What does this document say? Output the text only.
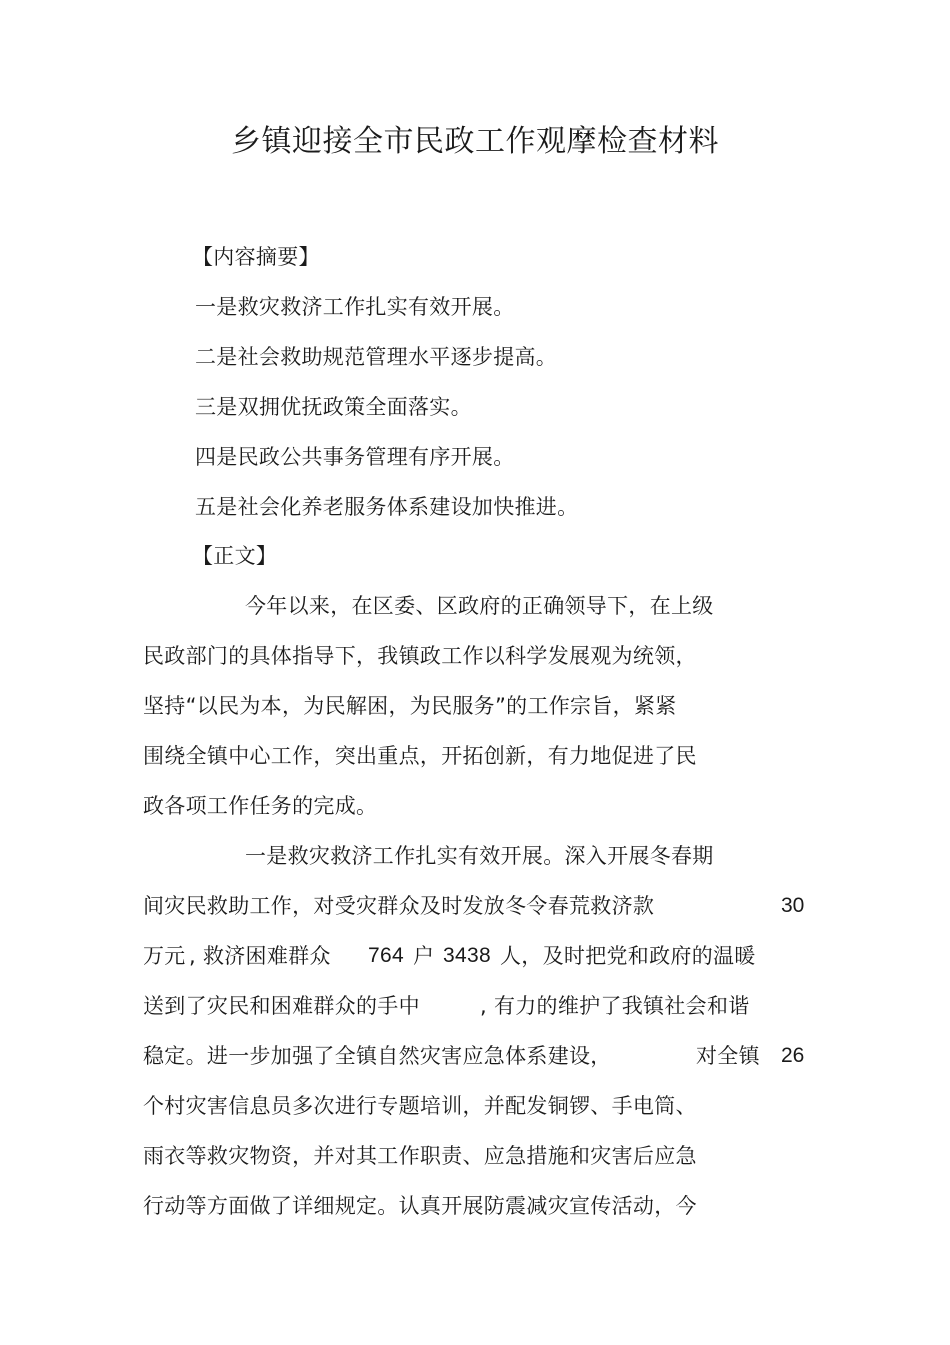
乡镇迎接全市民政工作观摩检查材料
【内容摘要】
一是救灾救济工作扎实有效开展。
二是社会救助规范管理水平逐步提高。
三是双拥优抚政策全面落实。
四是民政公共事务管理有序开展。
五是社会化养老服务体系建设加快推进。
【正文】
今年以来，在区委、区政府的正确领导下，在上级
民政部门的具体指导下，我镇政工作以科学发展观为统领，
坚持“以民为本，为民解困，为民服务”的工作宗旨，紧紧
围绕全镇中心工作，突出重点，开拓创新，有力地促进了民
政各项工作任务的完成。
一是救灾救济工作扎实有效开展。深入开展冬春期
间灾民救助工作，对受灾群众及时发放冬令春荒救济款	30
万元 , 救济困难群众 764 户 3438 人，及时把党和政府的温暖
送到了灾民和困难群众的手中	, 有力的维护了我镇社会和谐
稳定。进一步加强了全镇自然灾害应急体系建设，	对全镇 26
个村灾害信息员多次进行专题培训，并配发铜锣、手电筒、
雨衣等救灾物资，并对其工作职责、应急措施和灾害后应急
行动等方面做了详细规定。认真开展防震减灾宣传活动，今
